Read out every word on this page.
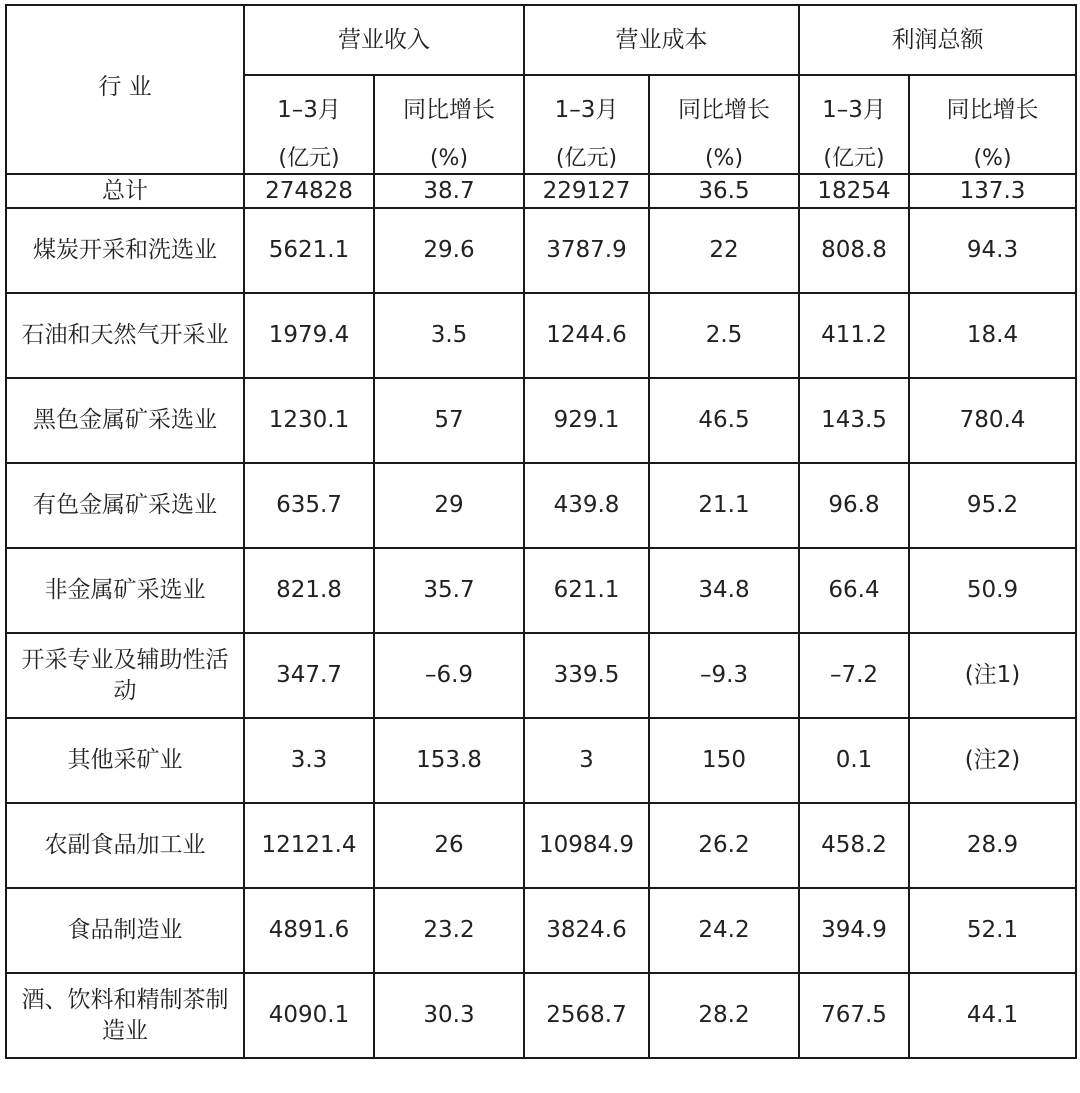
行 业	营业收入		营业成本		利润总额	
	1–3月	同比增长	1–3月	同比增长	1–3月	同比增长
	(亿元)	(%)	(亿元)	(%)	(亿元)	(%)
总计	274828	38.7	229127	36.5	18254	137.3
煤炭开采和洗选业	5621.1	29.6	3787.9	22	808.8	94.3
石油和天然气开采业	1979.4	3.5	1244.6	2.5	411.2	18.4
黑色金属矿采选业	1230.1	57	929.1	46.5	143.5	780.4
有色金属矿采选业	635.7	29	439.8	21.1	96.8	95.2
非金属矿采选业	821.8	35.7	621.1	34.8	66.4	50.9
开采专业及辅助性活动	347.7	–6.9	339.5	–9.3	–7.2	(注1)
其他采矿业	3.3	153.8	3	150	0.1	(注2)
农副食品加工业	12121.4	26	10984.9	26.2	458.2	28.9
食品制造业	4891.6	23.2	3824.6	24.2	394.9	52.1
酒、饮料和精制茶制造业	4090.1	30.3	2568.7	28.2	767.5	44.1
